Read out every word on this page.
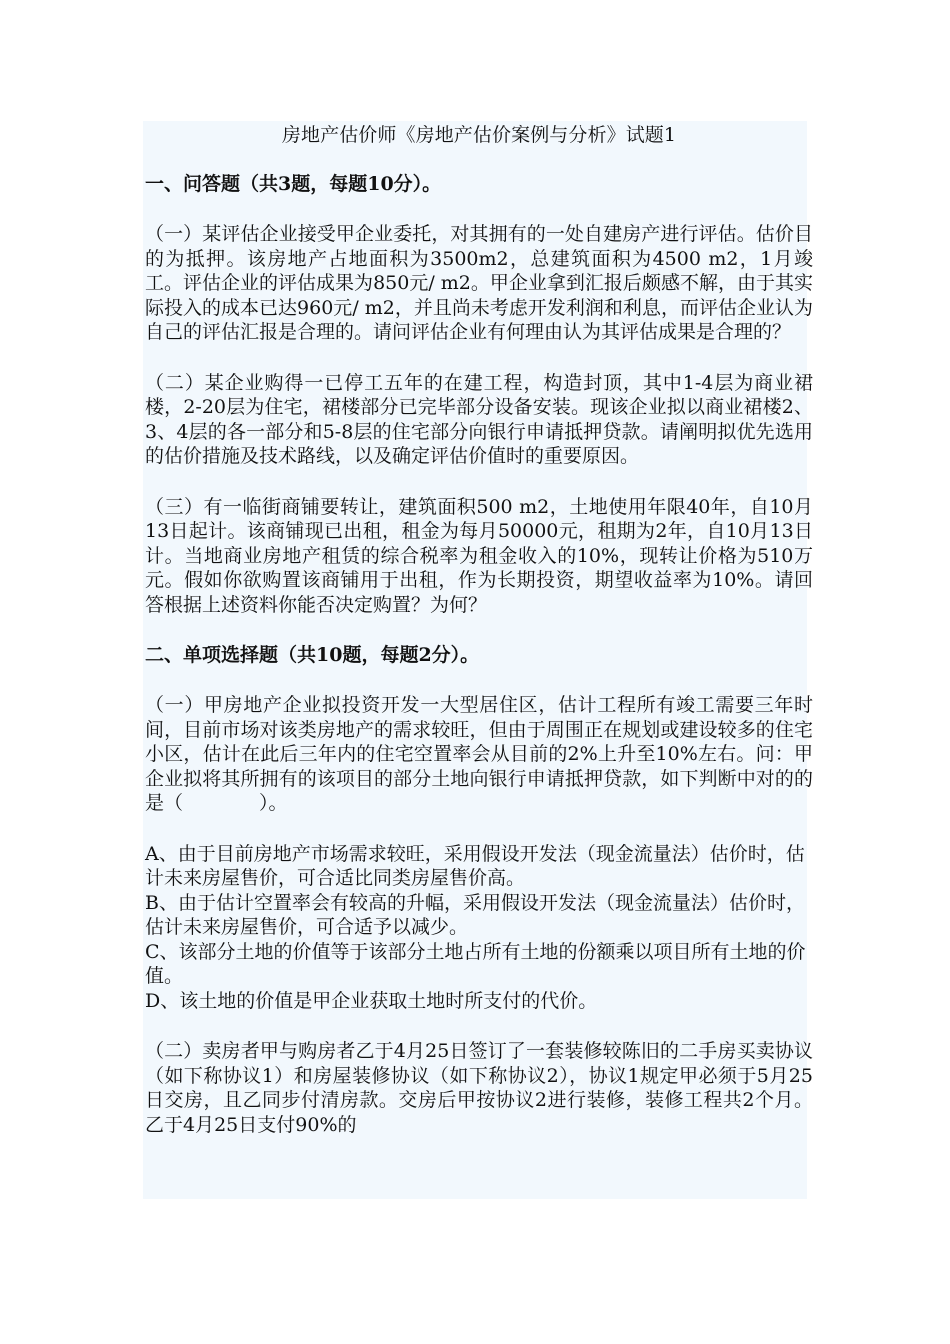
房地产估价师《房地产估价案例与分析》试题1
一、问答题（共3题，每题10分）。
（一）某评估企业接受甲企业委托，对其拥有的一处自建房产进行评估。估价目的为抵押。该房地产占地面积为3500m2，总建筑面积为4500 m2，1月竣工。评估企业的评估成果为850元/ m2。甲企业拿到汇报后颇感不解，由于其实际投入的成本已达960元/ m2，并且尚未考虑开发利润和利息，而评估企业认为自己的评估汇报是合理的。请问评估企业有何理由认为其评估成果是合理的？
（二）某企业购得一已停工五年的在建工程，构造封顶，其中1-4层为商业裙楼，2-20层为住宅，裙楼部分已完毕部分设备安装。现该企业拟以商业裙楼2、3、4层的各一部分和5-8层的住宅部分向银行申请抵押贷款。请阐明拟优先选用的估价措施及技术路线，以及确定评估价值时的重要原因。
（三）有一临街商铺要转让，建筑面积500 m2，土地使用年限40年，自10月13日起计。该商铺现已出租，租金为每月50000元，租期为2年，自10月13日计。当地商业房地产租赁的综合税率为租金收入的10%，现转让价格为510万元。假如你欲购置该商铺用于出租，作为长期投资，期望收益率为10%。请回答根据上述资料你能否决定购置？为何？
二、单项选择题（共10题，每题2分）。
（一）甲房地产企业拟投资开发一大型居住区，估计工程所有竣工需要三年时间，目前市场对该类房地产的需求较旺，但由于周围正在规划或建设较多的住宅小区，估计在此后三年内的住宅空置率会从目前的2%上升至10%左右。问：甲企业拟将其所拥有的该项目的部分土地向银行申请抵押贷款，如下判断中对的的是（　　　　）。
A、由于目前房地产市场需求较旺，采用假设开发法（现金流量法）估价时，估计未来房屋售价，可合适比同类房屋售价高。
B、由于估计空置率会有较高的升幅，采用假设开发法（现金流量法）估价时，估计未来房屋售价，可合适予以减少。
C、该部分土地的价值等于该部分土地占所有土地的份额乘以项目所有土地的价值。
D、该土地的价值是甲企业获取土地时所支付的代价。
（二）卖房者甲与购房者乙于4月25日签订了一套装修较陈旧的二手房买卖协议（如下称协议1）和房屋装修协议（如下称协议2），协议1规定甲必须于5月25日交房，且乙同步付清房款。交房后甲按协议2进行装修，装修工程共2个月。乙于4月25日支付90%的
